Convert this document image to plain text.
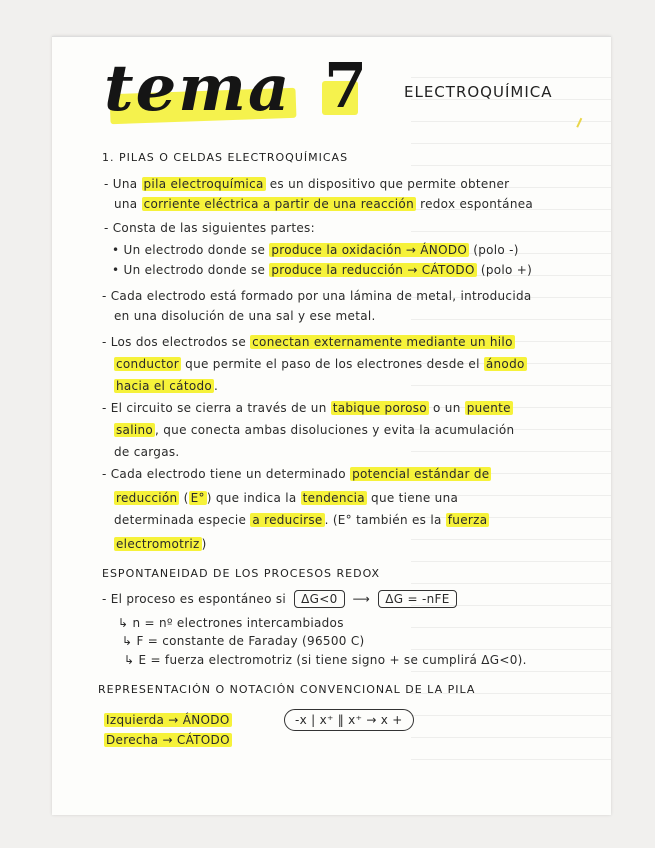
tema 7 ELECTROQUÍMICA
1. PILAS O CELDAS ELECTROQUÍMICAS
- Una pila electroquímica es un dispositivo que permite obtener
una corriente eléctrica a partir de una reacción redox espontánea
- Consta de las siguientes partes:
• Un electrodo donde se produce la oxidación → ÁNODO (polo -)
• Un electrodo donde se produce la reducción → CÁTODO (polo +)
- Cada electrodo está formado por una lámina de metal, introducida
en una disolución de una sal y ese metal.
- Los dos electrodos se conectan externamente mediante un hilo
conductor que permite el paso de los electrones desde el ánodo
hacia el cátodo .
- El circuito se cierra a través de un tabique poroso o un puente
salino , que conecta ambas disoluciones y evita la acumulación
de cargas.
- Cada electrodo tiene un determinado potencial estándar de
reducción ( E° ) que indica la tendencia que tiene una
determinada especie a reducirse . (E° también es la fuerza
electromotriz )
ESPONTANEIDAD DE LOS PROCESOS REDOX
- El proceso es espontáneo si ΔG<0 ⟶ ΔG = -nFE
↳ n = nº electrones intercambiados
↳ F = constante de Faraday (96500 C)
↳ E = fuerza electromotriz (si tiene signo + se cumplirá ΔG<0).
REPRESENTACIÓN O NOTACIÓN CONVENCIONAL DE LA PILA
Izquierda → ÁNODO
Derecha → CÁTODO
-x | x⁺ ‖ x⁺ → x +
